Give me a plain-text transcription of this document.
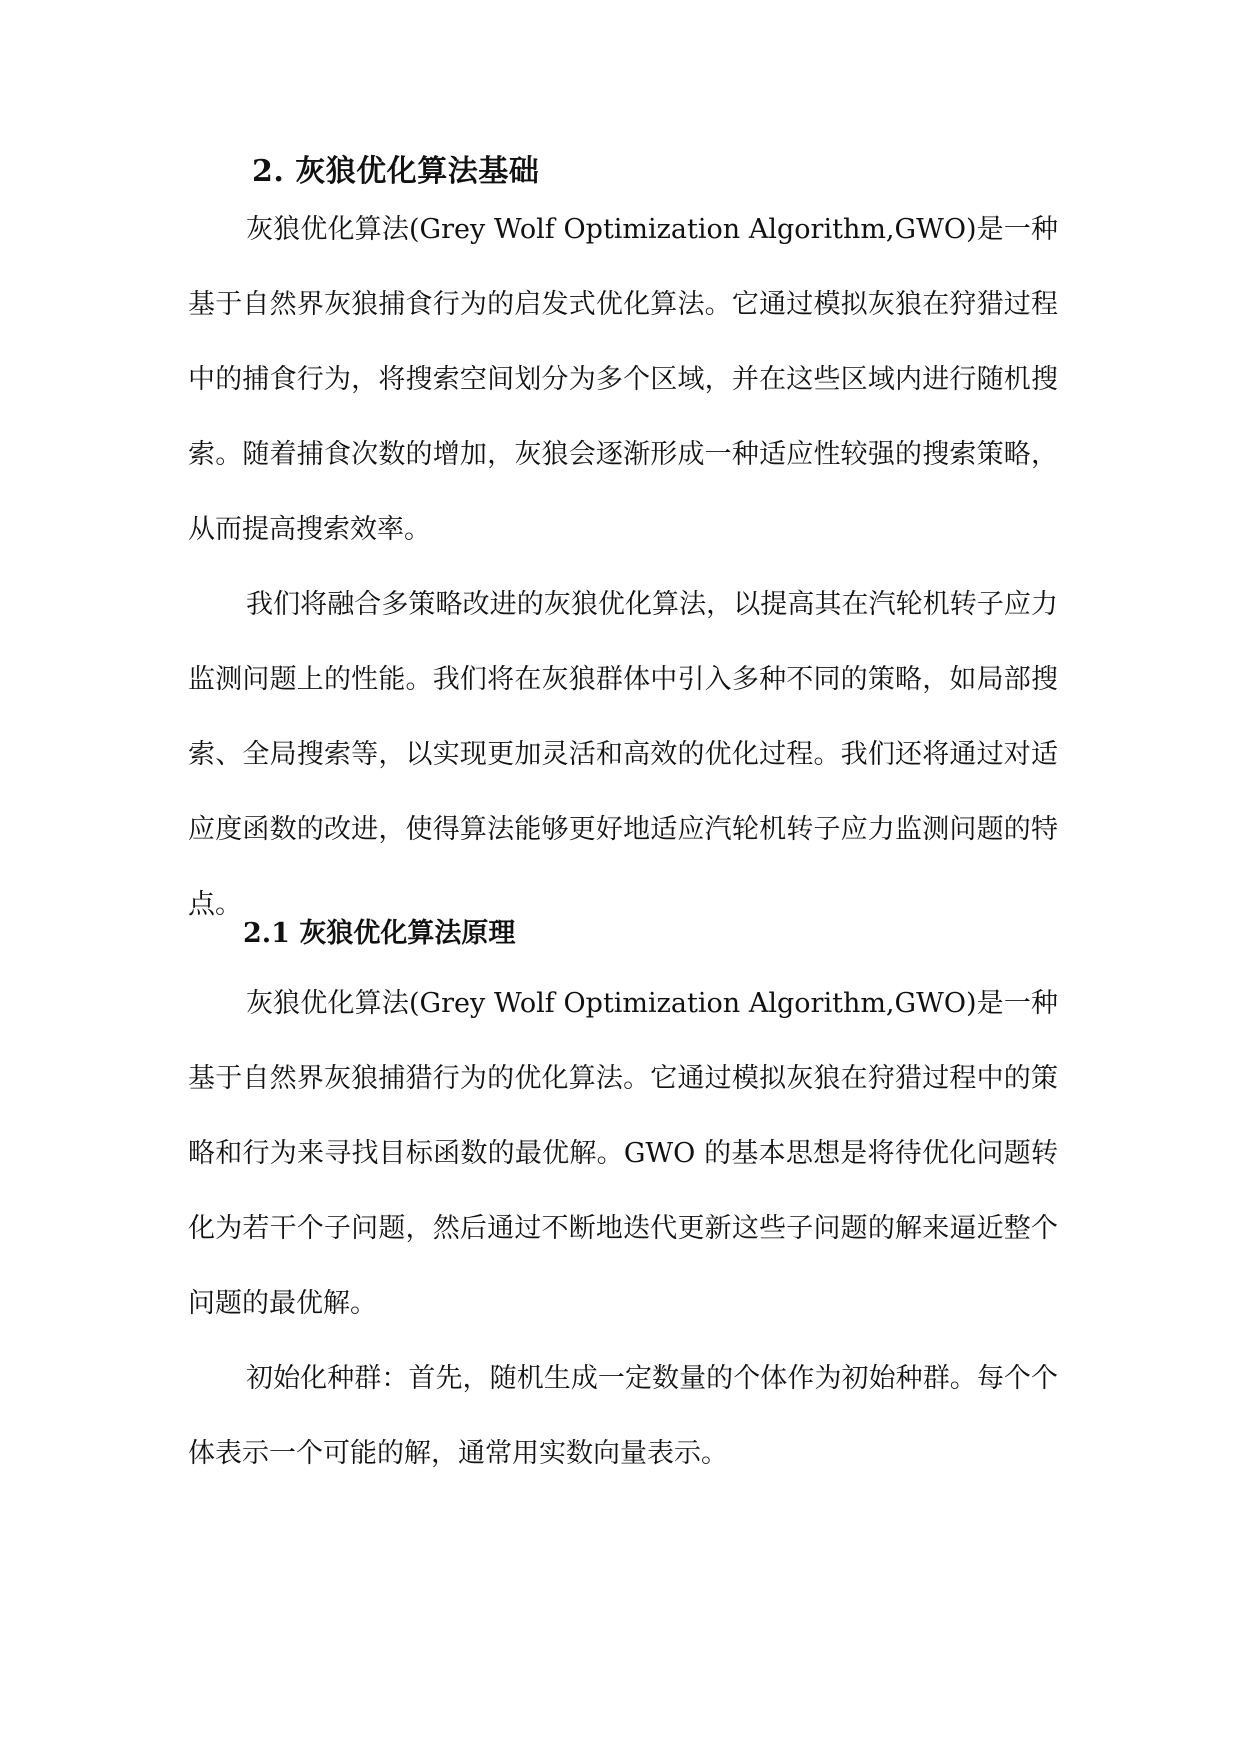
2. 灰狼优化算法基础

灰狼优化算法(Grey Wolf Optimization Algorithm,GWO)是一种基于自然界灰狼捕食行为的启发式优化算法。它通过模拟灰狼在狩猎过程中的捕食行为，将搜索空间划分为多个区域，并在这些区域内进行随机搜索。随着捕食次数的增加，灰狼会逐渐形成一种适应性较强的搜索策略，从而提高搜索效率。

我们将融合多策略改进的灰狼优化算法，以提高其在汽轮机转子应力监测问题上的性能。我们将在灰狼群体中引入多种不同的策略，如局部搜索、全局搜索等，以实现更加灵活和高效的优化过程。我们还将通过对适应度函数的改进，使得算法能够更好地适应汽轮机转子应力监测问题的特点。

2.1 灰狼优化算法原理

灰狼优化算法(Grey Wolf Optimization Algorithm,GWO)是一种基于自然界灰狼捕猎行为的优化算法。它通过模拟灰狼在狩猎过程中的策略和行为来寻找目标函数的最优解。GWO 的基本思想是将待优化问题转化为若干个子问题，然后通过不断地迭代更新这些子问题的解来逼近整个问题的最优解。

初始化种群：首先，随机生成一定数量的个体作为初始种群。每个个体表示一个可能的解，通常用实数向量表示。
